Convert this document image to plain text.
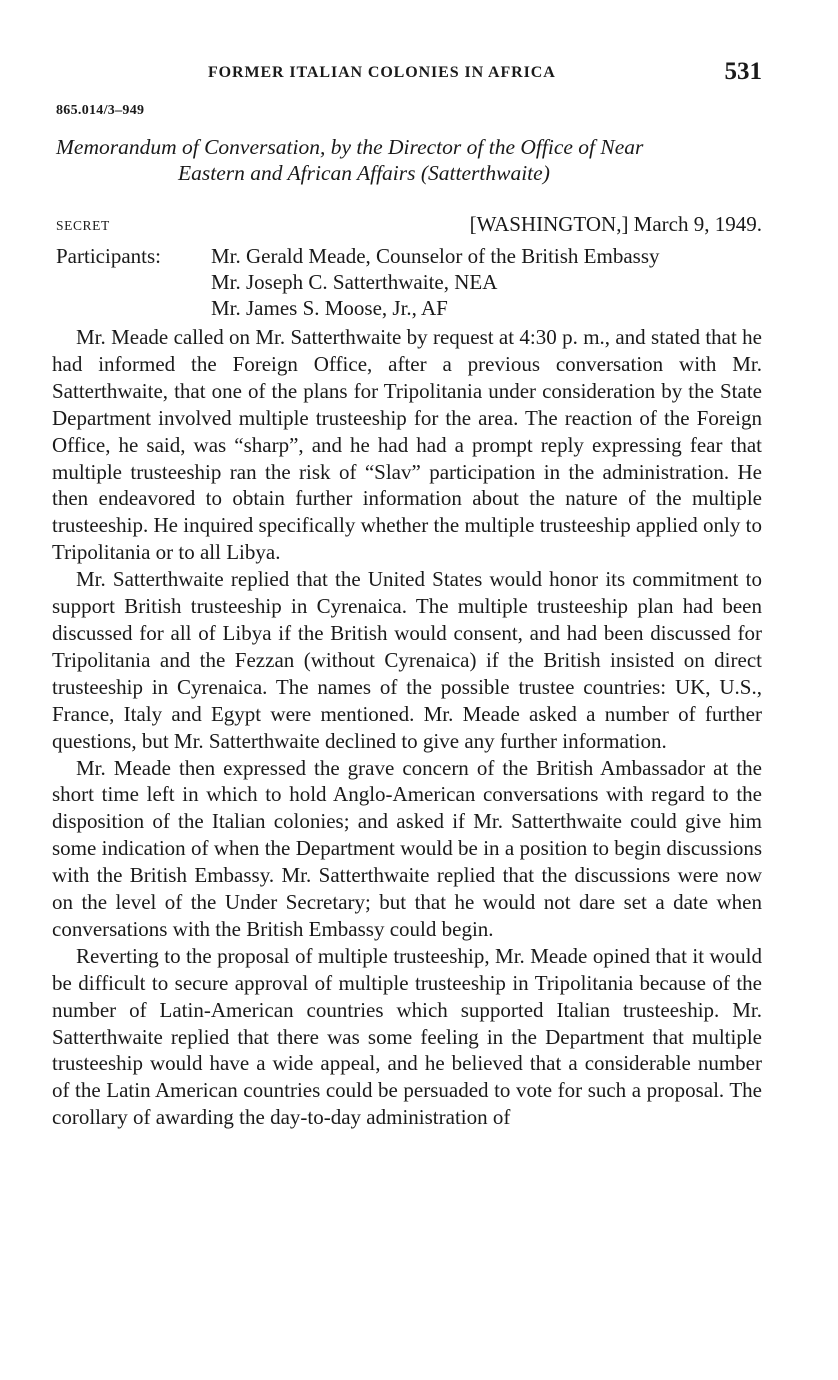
FORMER ITALIAN COLONIES IN AFRICA	531
865.014/3–949
Memorandum of Conversation, by the Director of the Office of Near
Eastern and African Affairs (Satterthwaite)
SECRET	[WASHINGTON,] March 9, 1949.
Participants: Mr. Gerald Meade, Counselor of the British Embassy
Mr. Joseph C. Satterthwaite, NEA
Mr. James S. Moose, Jr., AF

Mr. Meade called on Mr. Satterthwaite by request at 4:30 p. m., and stated that he had informed the Foreign Office, after a previous conversation with Mr. Satterthwaite, that one of the plans for Tripolitania under consideration by the State Department involved multiple trusteeship for the area. The reaction of the Foreign Office, he said, was “sharp”, and he had had a prompt reply expressing fear that multiple trusteeship ran the risk of “Slav” participation in the administration. He then endeavored to obtain further information about the nature of the multiple trusteeship. He inquired specifically whether the multiple trusteeship applied only to Tripolitania or to all Libya.

Mr. Satterthwaite replied that the United States would honor its commitment to support British trusteeship in Cyrenaica. The multiple trusteeship plan had been discussed for all of Libya if the British would consent, and had been discussed for Tripolitania and the Fezzan (without Cyrenaica) if the British insisted on direct trusteeship in Cyrenaica. The names of the possible trustee countries: UK, U.S., France, Italy and Egypt were mentioned. Mr. Meade asked a number of further questions, but Mr. Satterthwaite declined to give any further information.

Mr. Meade then expressed the grave concern of the British Ambassador at the short time left in which to hold Anglo-American conversations with regard to the disposition of the Italian colonies; and asked if Mr. Satterthwaite could give him some indication of when the Department would be in a position to begin discussions with the British Embassy. Mr. Satterthwaite replied that the discussions were now on the level of the Under Secretary; but that he would not dare set a date when conversations with the British Embassy could begin.

Reverting to the proposal of multiple trusteeship, Mr. Meade opined that it would be difficult to secure approval of multiple trusteeship in Tripolitania because of the number of Latin-American countries which supported Italian trusteeship. Mr. Satterthwaite replied that there was some feeling in the Department that multiple trusteeship would have a wide appeal, and he believed that a considerable number of the Latin American countries could be persuaded to vote for such a proposal. The corollary of awarding the day-to-day administration of
